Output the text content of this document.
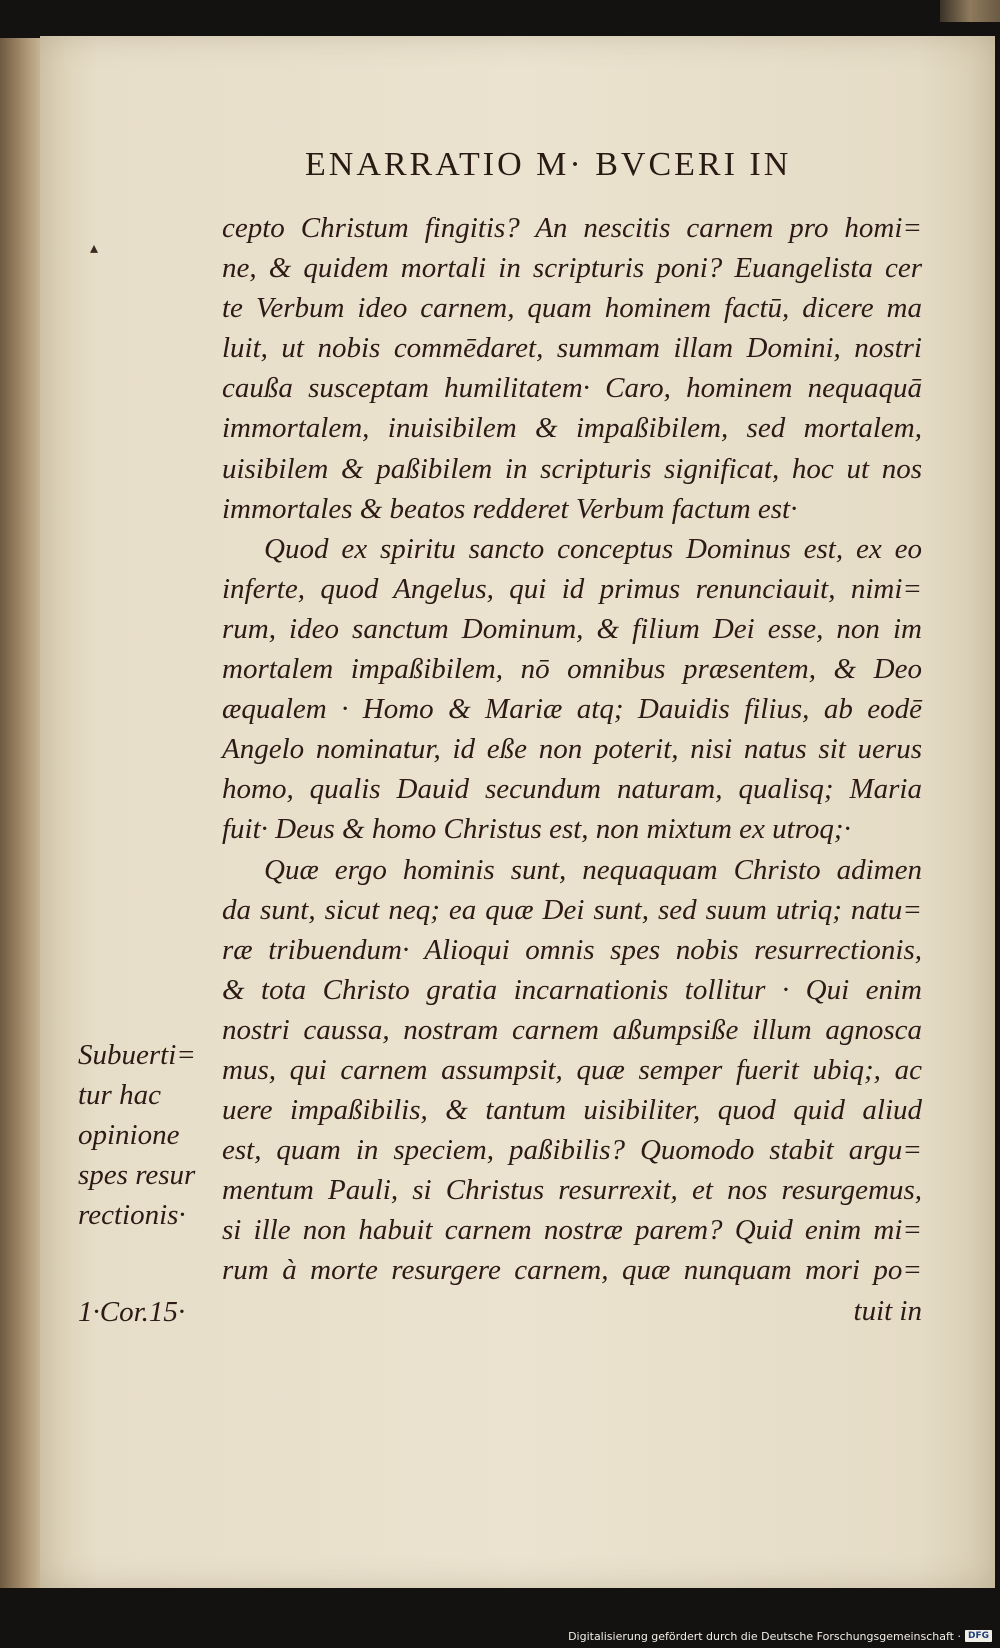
ENARRATIO M· BVCERI IN
▴
cepto Christum fingitis? An nescitis carnem pro homi=
ne, & quidem mortali in scripturis poni? Euangelista cer
te Verbum ideo carnem, quam hominem factū, dicere ma
luit, ut nobis commēdaret, summam illam Domini, nostri
caußa susceptam humilitatem· Caro, hominem nequaquā
immortalem, inuisibilem & impaßibilem, sed mortalem,
uisibilem & paßibilem in scripturis significat, hoc ut nos
immortales & beatos redderet Verbum factum est·
Quod ex spiritu sancto conceptus Dominus est, ex eo
inferte, quod Angelus, qui id primus renunciauit, nimi=
rum, ideo sanctum Dominum, & filium Dei esse, non im
mortalem impaßibilem, nō omnibus præsentem, & Deo
æqualem · Homo & Mariæ atq; Dauidis filius, ab eodē
Angelo nominatur, id eße non poterit, nisi natus sit uerus
homo, qualis Dauid secundum naturam, qualisq; Maria
fuit· Deus & homo Christus est, non mixtum ex utroq;·
Quæ ergo hominis sunt, nequaquam Christo adimen
da sunt, sicut neq; ea quæ Dei sunt, sed suum utriq; natu=
ræ tribuendum· Alioqui omnis spes nobis resurrectionis,
& tota Christo gratia incarnationis tollitur · Qui enim
nostri caussa, nostram carnem aßumpsiße illum agnosca
mus, qui carnem assumpsit, quæ semper fuerit ubiq;, ac
uere impaßibilis, & tantum uisibiliter, quod quid aliud
est, quam in speciem, paßibilis? Quomodo stabit argu=
mentum Pauli, si Christus resurrexit, et nos resurgemus,
si ille non habuit carnem nostræ parem? Quid enim mi=
rum à morte resurgere carnem, quæ nunquam mori po=
tuit in
Subuerti=
tur hac
opinione
spes resur
rectionis·
1·Cor.15·
Digitalisierung gefördert durch die Deutsche Forschungsgemeinschaft · DFG
